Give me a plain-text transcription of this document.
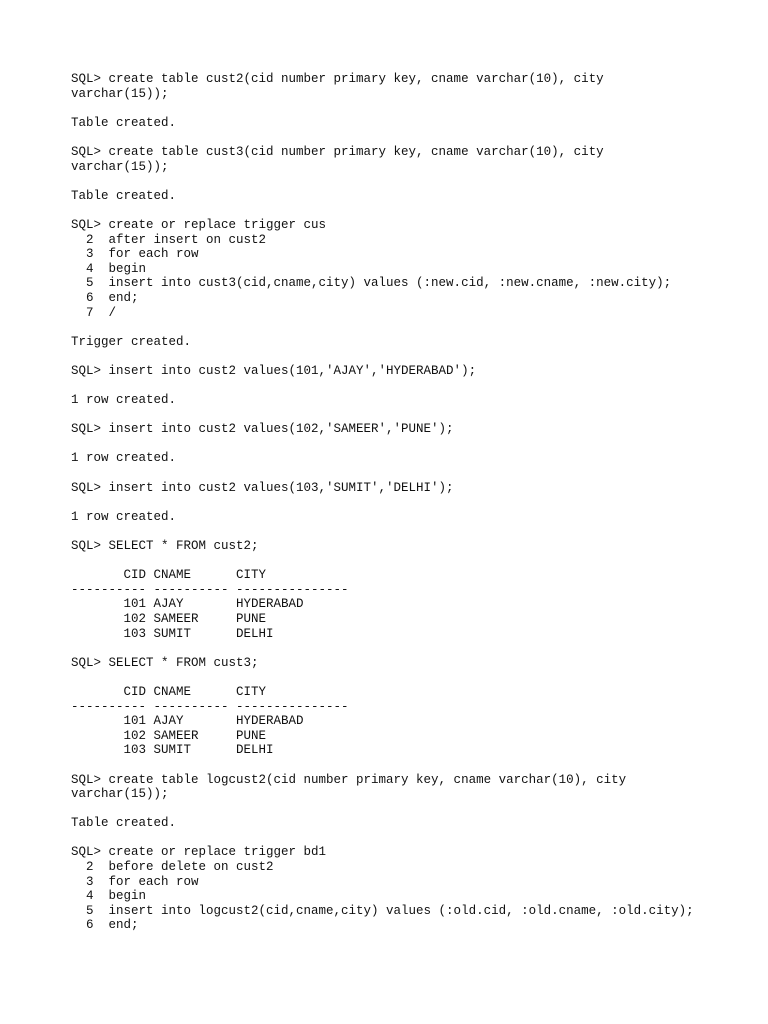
SQL> create table cust2(cid number primary key, cname varchar(10), city
varchar(15));
Table created.
SQL> create table cust3(cid number primary key, cname varchar(10), city
varchar(15));
Table created.
SQL> create or replace trigger cus
2  after insert on cust2
3  for each row
4  begin
5  insert into cust3(cid,cname,city) values (:new.cid, :new.cname, :new.city);
6  end;
7  /
Trigger created.
SQL> insert into cust2 values(101,'AJAY','HYDERABAD');
1 row created.
SQL> insert into cust2 values(102,'SAMEER','PUNE');
1 row created.
SQL> insert into cust2 values(103,'SUMIT','DELHI');
1 row created.
SQL> SELECT * FROM cust2;
CID CNAME      CITY
---------- ---------- ---------------
101 AJAY       HYDERABAD
102 SAMEER     PUNE
103 SUMIT      DELHI
SQL> SELECT * FROM cust3;
CID CNAME      CITY
---------- ---------- ---------------
101 AJAY       HYDERABAD
102 SAMEER     PUNE
103 SUMIT      DELHI
SQL> create table logcust2(cid number primary key, cname varchar(10), city
varchar(15));
Table created.
SQL> create or replace trigger bd1
2  before delete on cust2
3  for each row
4  begin
5  insert into logcust2(cid,cname,city) values (:old.cid, :old.cname, :old.city);
6  end;
